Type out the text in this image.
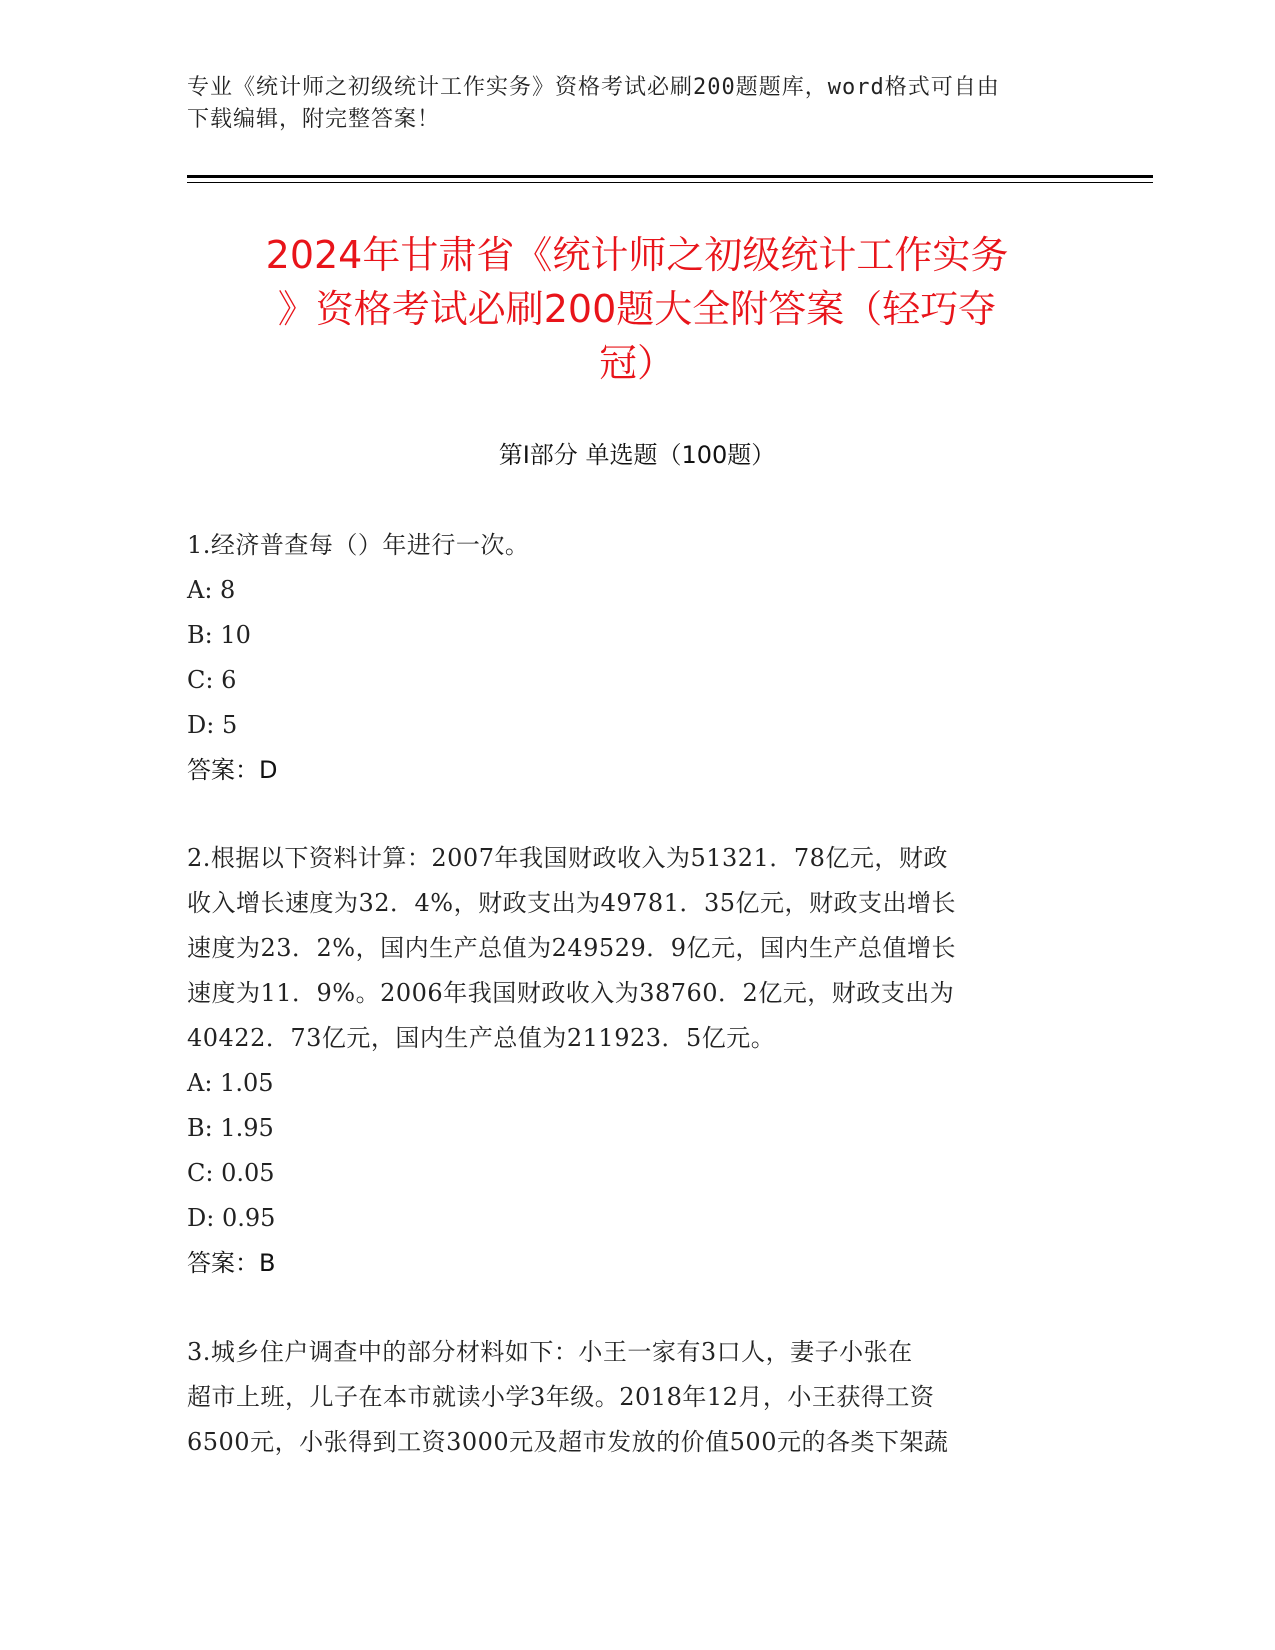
专业《统计师之初级统计工作实务》资格考试必刷200题题库，word格式可自由
下载编辑，附完整答案！
2024年甘肃省《统计师之初级统计工作实务
》资格考试必刷200题大全附答案（轻巧夺
冠）
第Ⅰ部分 单选题（100题）
1.经济普查每（）年进行一次。
A: 8
B: 10
C: 6
D: 5
答案：D
2.根据以下资料计算：2007年我国财政收入为51321．78亿元，财政
收入增长速度为32．4%，财政支出为49781．35亿元，财政支出增长
速度为23．2%，国内生产总值为249529．9亿元，国内生产总值增长
速度为11．9%。2006年我国财政收入为38760．2亿元，财政支出为
40422．73亿元，国内生产总值为211923．5亿元。
A: 1.05
B: 1.95
C: 0.05
D: 0.95
答案：B
3.城乡住户调查中的部分材料如下：小王一家有3口人，妻子小张在
超市上班，儿子在本市就读小学3年级。2018年12月，小王获得工资
6500元，小张得到工资3000元及超市发放的价值500元的各类下架蔬
